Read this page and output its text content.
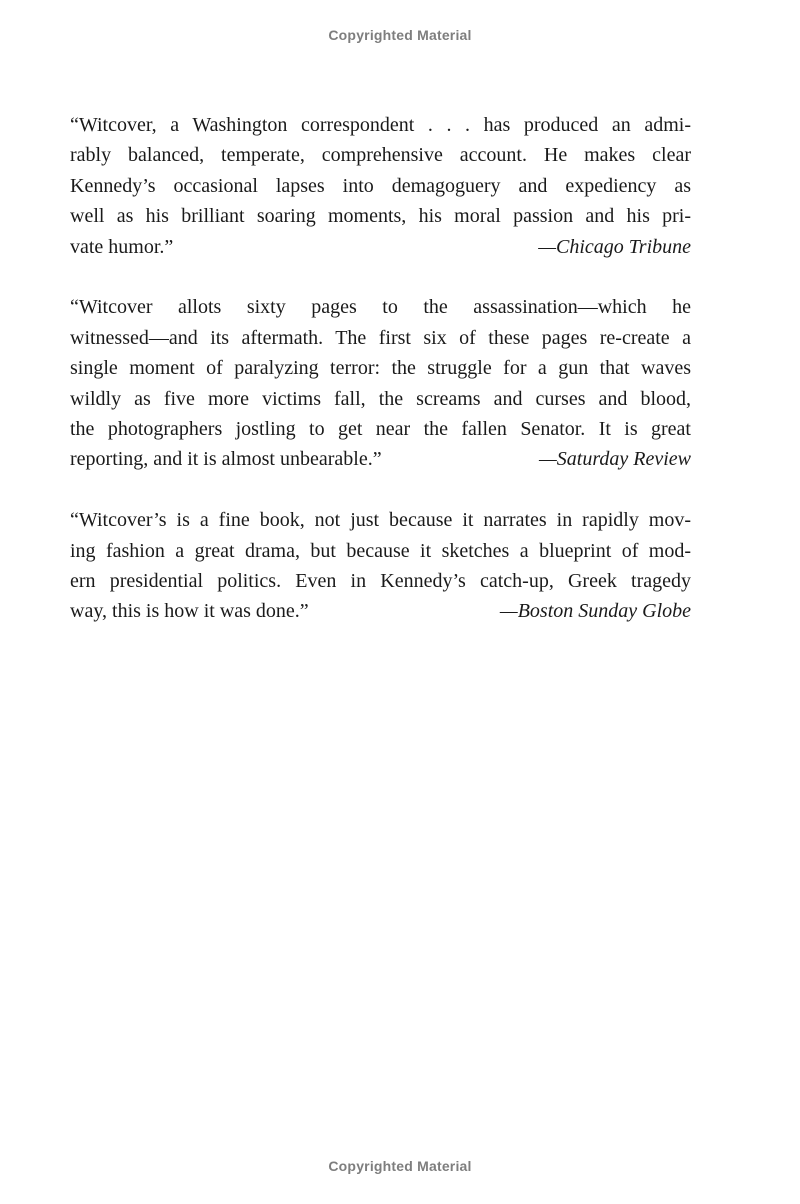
Copyrighted Material
“Witcover, a Washington correspondent . . . has produced an admi-
rably balanced, temperate, comprehensive account. He makes clear
Kennedy’s occasional lapses into demagoguery and expediency as
well as his brilliant soaring moments, his moral passion and his pri-
vate humor.”	—Chicago Tribune
“Witcover allots sixty pages to the assassination—which he
witnessed—and its aftermath. The first six of these pages re-create a
single moment of paralyzing terror: the struggle for a gun that waves
wildly as five more victims fall, the screams and curses and blood,
the photographers jostling to get near the fallen Senator. It is great
reporting, and it is almost unbearable.”	—Saturday Review
“Witcover’s is a fine book, not just because it narrates in rapidly mov-
ing fashion a great drama, but because it sketches a blueprint of mod-
ern presidential politics. Even in Kennedy’s catch-up, Greek tragedy
way, this is how it was done.”	—Boston Sunday Globe
Copyrighted Material
